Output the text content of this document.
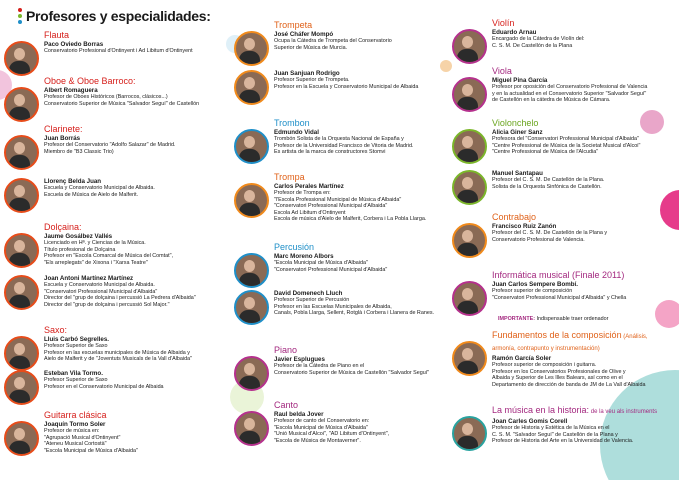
Profesores y especialidades:
Flauta
Paco Oviedo Borras
Conservatorio Profesional d'Ontinyent i Ad Libitum d'Ontinyent
Oboe & Oboe Barroco:
Albert Romaguera
Profesor de Oboes Históricos (Barrocos, clásicos...)
Conservatorio Superior de Música "Salvador Seguí" de Castellón
Clarinete:
Juan Borrás
Profesor del Conservatorio "Adolfo Salazar" de Madrid.
Miembro de "B3 Classic Trio)
Llorenç Belda Juan
Escuela y Conservatorio Municipal de Albaida.
Escuela de Música de Aielo de Malferit.
Dolçaina:
Jaume Gosálbez Vallés
Licenciado en Hª. y Ciencias de la Música.
Título profesional de Dolçaina
Profesor en "Escola Comarcal de Música del Comtat",
"Els arreplegats" de Xixona i "Xarxa Teatre"
Joan Antoni Martínez Martínez
Escuela y Conservatorio Municipal de Albaida.
"Conservatori Professional Municipal d'Albaida"
Director del "grup de dolçaina i percussió La Pedrera d'Albaida"
Director del "grup de dolçaina i percussió Sol Major."
Saxo:
Lluis Carbó Segrelles.
Profesor Superior de Saxo
Profesor en las escuelas municipales de Música de Albaida y
Aielo de Malferit y de "Joventuts Musicals de la Vall d'Albaida"
Esteban Vila Tormo.
Profesor Superior de Saxo
Profesor en el Conservatorio Municipal de Albaida
Guitarra clásica
Joaquín Tormo Soler
Profesor de música en:
"Agrupació Musical d'Ontinyent"
"Ateneu Musical Cortostà"
"Escola Municipal de Música d'Albaida"
Trompeta
José Cháfer Mompó
Ocupa la Cátedra de Trompeta del Conservatorio
Superior de Música de Murcia.
Juan Sanjuan Rodrigo
Profesor Superior de Trompeta.
Profesor en la Escuela y Conservatorio Municipal de Albaida
Trombon
Edmundo Vidal
Trombón Solista de la Orquesta Nacional de España y
Profesor de la Universidad Francisco de Vitoria de Madrid.
Es artista de la marca de constructores Stomvi
Trompa
Carlos Perales Martínez
Profesor de Trompa en:
"l'Escola Professional Municipal de Música d'Albaida"
"Conservatori Professional Municipal d'Albaida"
Escola Ad Libitum d'Ontinyent
Escola de música d'Aielo de Malferit, Corbera i La Pobla Llarga.
Percusión
Marc Moreno Albors
"Escola Municipal de Música d'Albaida"
"Conservatori Professional Municipal d'Albaida"
David Domenech Lluch
Profesor Superior de Percusión
Profesor en las Escuelas Municipales de Albaida,
Canals, Pobla Llarga, Sellent, Rotglà i Corbera i Llanera de Ranes.
Piano
Javier Esplugues
Profesor de la Cátedra de Piano en el
Conservatorio Superior de Música de Castellón "Salvador Seguí"
Canto
Raul belda Jover
Profesor de canto del Conservatorio en:
"Escola Municipal de Música d'Albaida"
"Unió Musical d'Alcoi", "AD Libitum d'Ontinyent",
"Escola de Música de Montaverner".
Violín
Eduardo Arnau
Encargado de la Cátedra de Violín del:
C. S. M. De Castellón de la Plana
Viola
Miguel Pina García
Profesor por oposición del Conservatorio Profesional de Valencia
y en la actualidad en el Conservatorio Superior "Salvador Seguí"
de Castellón en la cátedra de Música de Cámara.
Violonchelo
Alicia Giner Sanz
Profesora del "Conservatori Professional Municipal d'Albaida"
"Centre Professional de Música de la Societat Musical d'Alcoi"
"Centre Professional de Música de l'Alcudia"
Manuel Santapau
Profesor del C. S. M. De Castellón de la Plana.
Solista de la Orquesta Sinfónica de Castellón.
Contrabajo
Francisco Ruiz Zanón
Profesor del C. S. M. De Castellón de la Plana y
Conservatorio Profesional de Valencia.
Informática musical (Finale 2011)
Juan Carlos Sempere Bombí.
Profesor superior de composición
"Conservatori Professional Municipal d'Albaida" y Chella
Fundamentos de la composición (Análisis, armonía, contrapunto y instrumentación)
Ramón García Soler
Profesor superior de composición i guitarra.
Profesor en los Conservatorios Profesionales de Olive y
Albaida y Superior de Les Illes Balears, así como en el
Departamento de dirección de banda de JM de La Vall d'Albaida
La música en la historia: de la veu als instruments
Joan Carles Gomis Corell
Profesor de Historia y Estética de la Música en el
C. S. M. "Salvador Seguí" de Castellón de la Plana y
Profesor de Historia del Arte en la Universidad de Valencia.
IMPORTANTE: Indispensable traer ordenador
